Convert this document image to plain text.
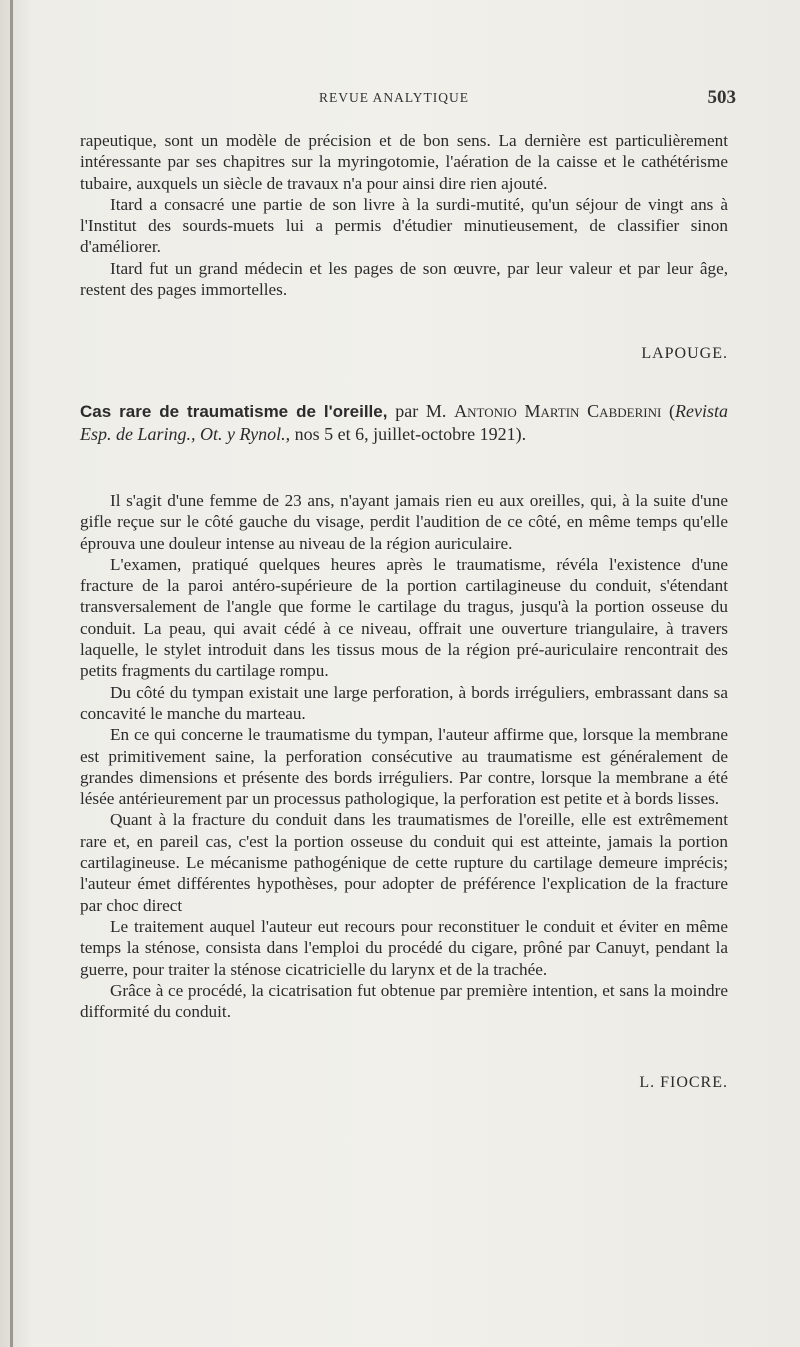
REVUE ANALYTIQUE	503

rapeutique, sont un modèle de précision et de bon sens. La dernière est particulièrement intéressante par ses chapitres sur la myringotomie, l'aération de la caisse et le cathétérisme tubaire, auxquels un siècle de travaux n'a pour ainsi dire rien ajouté.

Itard a consacré une partie de son livre à la surdi-mutité, qu'un séjour de vingt ans à l'Institut des sourds-muets lui a permis d'étudier minutieusement, de classifier sinon d'améliorer.

Itard fut un grand médecin et les pages de son œuvre, par leur valeur et par leur âge, restent des pages immortelles.

LAPOUGE.

Cas rare de traumatisme de l'oreille, par M. Antonio Martin Cabderini (Revista Esp. de Laring., Ot. y Rynol., nos 5 et 6, juillet-octobre 1921).

Il s'agit d'une femme de 23 ans, n'ayant jamais rien eu aux oreilles, qui, à la suite d'une gifle reçue sur le côté gauche du visage, perdit l'audition de ce côté, en même temps qu'elle éprouva une douleur intense au niveau de la région auriculaire.

L'examen, pratiqué quelques heures après le traumatisme, révéla l'existence d'une fracture de la paroi antéro-supérieure de la portion cartilagineuse du conduit, s'étendant transversalement de l'angle que forme le cartilage du tragus, jusqu'à la portion osseuse du conduit. La peau, qui avait cédé à ce niveau, offrait une ouverture triangulaire, à travers laquelle, le stylet introduit dans les tissus mous de la région pré-auriculaire rencontrait des petits fragments du cartilage rompu.

Du côté du tympan existait une large perforation, à bords irréguliers, embrassant dans sa concavité le manche du marteau.

En ce qui concerne le traumatisme du tympan, l'auteur affirme que, lorsque la membrane est primitivement saine, la perforation consécutive au traumatisme est généralement de grandes dimensions et présente des bords irréguliers. Par contre, lorsque la membrane a été lésée antérieurement par un processus pathologique, la perforation est petite et à bords lisses.

Quant à la fracture du conduit dans les traumatismes de l'oreille, elle est extrêmement rare et, en pareil cas, c'est la portion osseuse du conduit qui est atteinte, jamais la portion cartilagineuse. Le mécanisme pathogénique de cette rupture du cartilage demeure imprécis; l'auteur émet différentes hypothèses, pour adopter de préférence l'explication de la fracture par choc direct

Le traitement auquel l'auteur eut recours pour reconstituer le conduit et éviter en même temps la sténose, consista dans l'emploi du procédé du cigare, prôné par Canuyt, pendant la guerre, pour traiter la sténose cicatricielle du larynx et de la trachée.

Grâce à ce procédé, la cicatrisation fut obtenue par première intention, et sans la moindre difformité du conduit.

L. FIOCRE.
